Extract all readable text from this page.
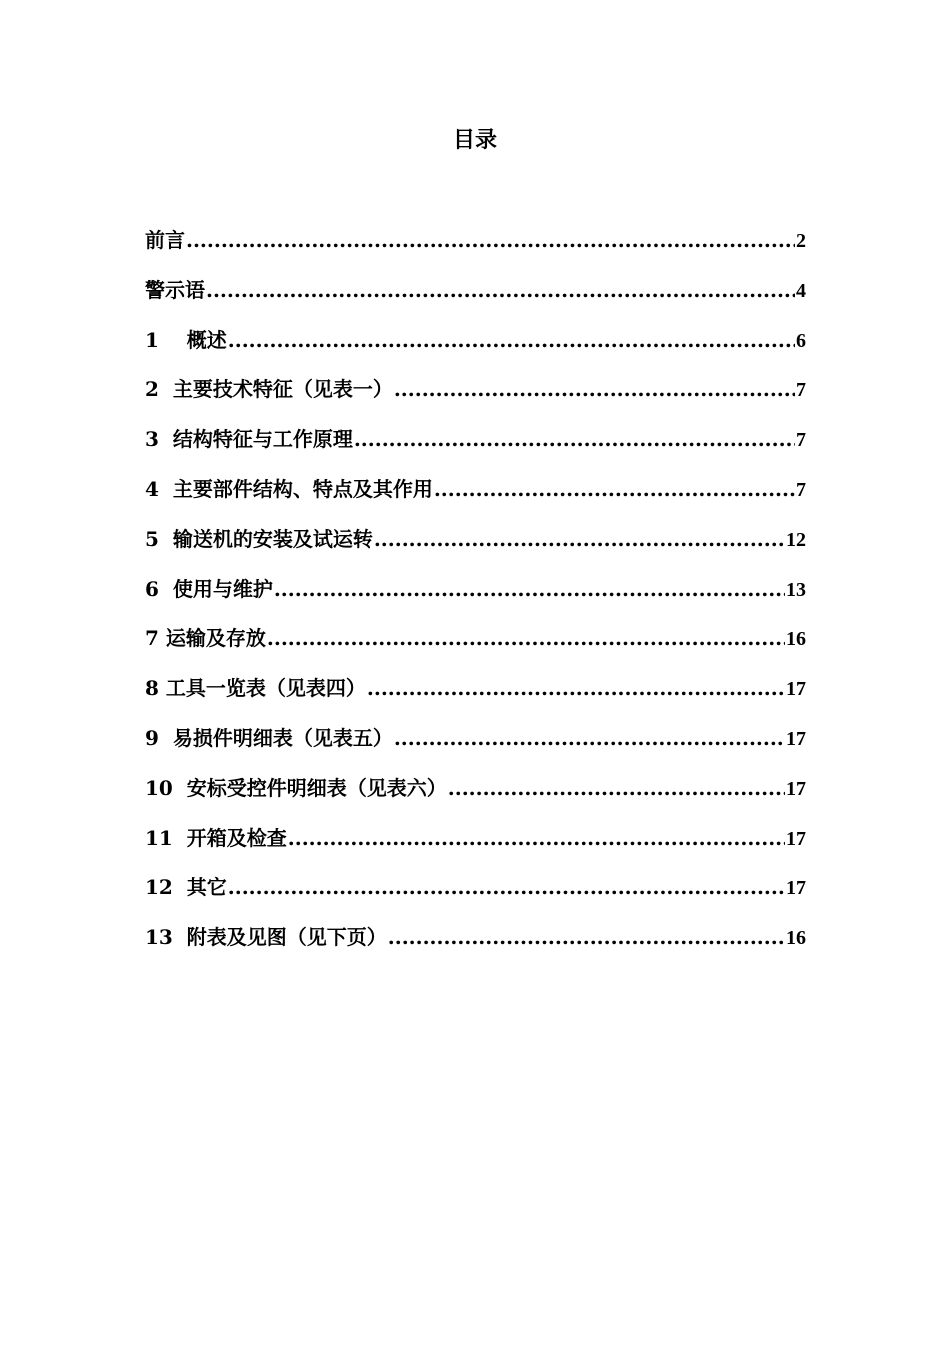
目录
前言 .....	2
警示语 .....	4
1    概述 .....	6
2  主要技术特征（见表一） .....	7
3  结构特征与工作原理 .....	7
4  主要部件结构、特点及其作用 .....	7
5  输送机的安装及试运转 .....	12
6  使用与维护 .....	13
7 运输及存放 .....	16
8 工具一览表（见表四） .....	17
9  易损件明细表（见表五） .....	17
10  安标受控件明细表（见表六） .....	17
11  开箱及检查 .....	17
12  其它 .....	17
13  附表及见图（见下页） .....	16
